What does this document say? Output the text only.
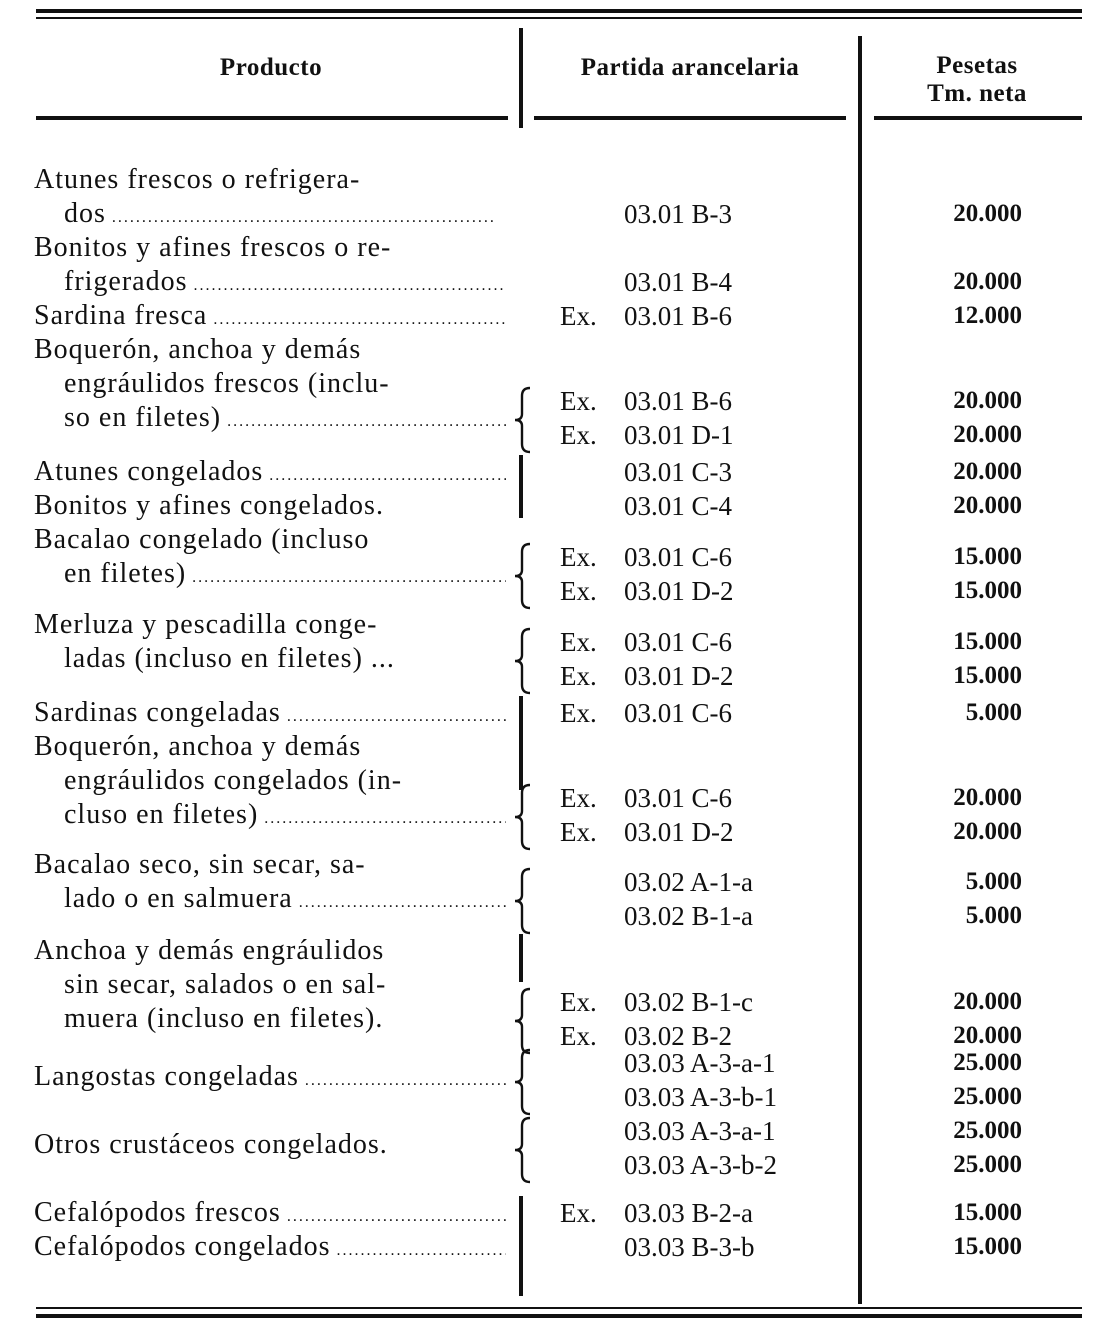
Producto	Partida arancelaria	Pesetas
Tm. neta
Atunes frescos o refrigera-
dos . . .	03.01 B-3	20.000
Bonitos y afines frescos o re-
frigerados . . .	03.01 B-4	20.000
Sardina fresca . . .	Ex. 03.01 B-6	12.000
Boquerón, anchoa y demás
engráulidos frescos (inclu-
so en filetes)
. . .
Ex. 03.01 B-6	20.000
Ex. 03.01 D-1	20.000
Atunes congelados . . .	03.01 C-3	20.000
Bonitos y afines congelados.	03.01 C-4	20.000
Bacalao congelado (incluso
en filetes)
. . .
Ex. 03.01 C-6	15.000
Ex. 03.01 D-2	15.000
Merluza y pescadilla conge-
ladas (incluso en filetes) ...
Ex. 03.01 C-6	15.000
Ex. 03.01 D-2	15.000
Sardinas congeladas . . .	Ex. 03.01 C-6	5.000
Boquerón, anchoa y demás
engráulidos congelados (in-
cluso en filetes)
. . .
Ex. 03.01 C-6	20.000
Ex. 03.01 D-2	20.000
Bacalao seco, sin secar, sa-
lado o en salmuera
. . .
03.02 A-1-a	5.000
03.02 B-1-a	5.000
Anchoa y demás engráulidos
sin secar, salados o en sal-
muera (incluso en filetes).
Ex. 03.02 B-1-c	20.000
Ex. 03.02 B-2	20.000
Langostas congeladas . . .	03.03 A-3-a-1	25.000
03.03 A-3-b-1	25.000
Otros crustáceos congelados.	03.03 A-3-a-1	25.000
03.03 A-3-b-2	25.000
Cefalópodos frescos . . .	Ex. 03.03 B-2-a	15.000
Cefalópodos congelados . . .	03.03 B-3-b	15.000
